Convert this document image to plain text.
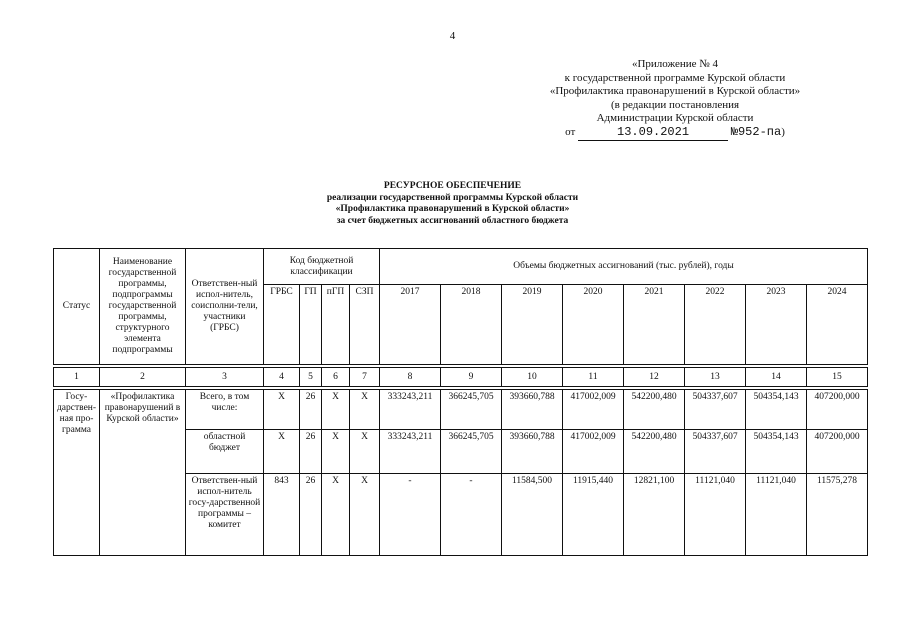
4
«Приложение № 4
к государственной программе Курской области
«Профилактика правонарушений в Курской области»
(в редакции постановления
Администрации Курской области
от	13.09.2021	№952-па)
РЕСУРСНОЕ ОБЕСПЕЧЕНИЕ
реализации государственной программы Курской области
«Профилактика правонарушений в Курской области»
за счет бюджетных ассигнований областного бюджета
Статус	Наименование государственной программы, подпрограммы государственной программы, структурного элемента подпрограммы	Ответствен-ный испол-нитель, соисполни-тели, участники (ГРБС)	Код бюджетной классификации				Объемы бюджетных ассигнований (тыс. рублей), годы							
			ГРБС	ГП	пГП	СЗП	2017	2018	2019	2020	2021	2022	2023	2024

1	2	3	4	5	6	7	8	9	10	11	12	13	14	15

Госу-дарствен-ная про-грамма	«Профилактика правонарушений в Курской области»	Всего, в том числе:	Х	26	Х	Х	333243,211	366245,705	393660,788	417002,009	542200,480	504337,607	504354,143	407200,000
		областной бюджет	Х	26	Х	Х	333243,211	366245,705	393660,788	417002,009	542200,480	504337,607	504354,143	407200,000
		Ответствен-ный испол-нитель госу-дарственной программы – комитет	843	26	Х	Х	-	-	11584,500	11915,440	12821,100	11121,040	11121,040	11575,278
